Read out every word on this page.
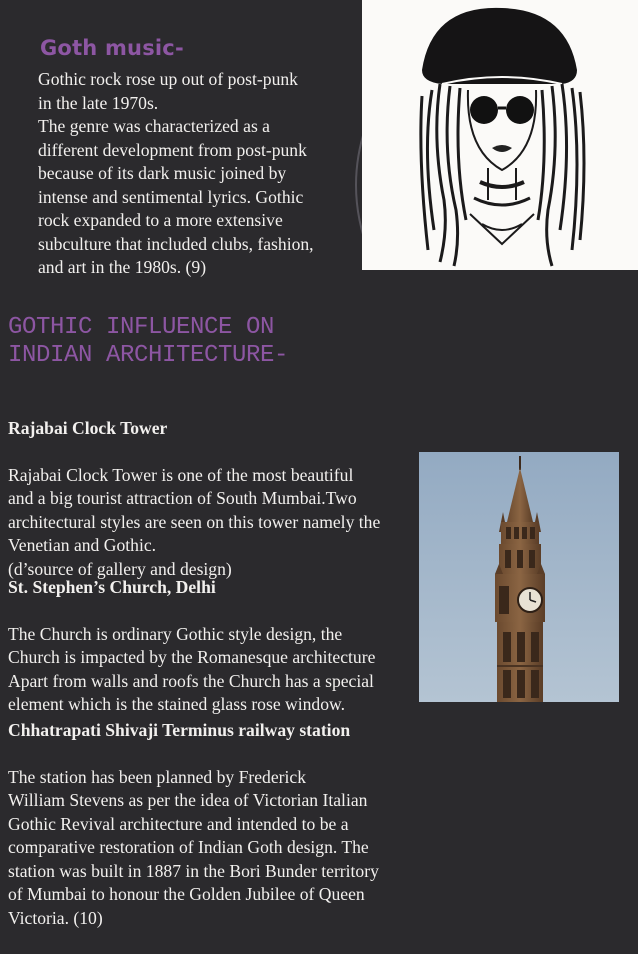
Goth music-
Gothic rock rose up out of post-punk
in the late 1970s.
The genre was characterized as a
different development from post-punk
because of its dark music joined by
intense and sentimental lyrics. Gothic
rock expanded to a more extensive
subculture that included clubs, fashion,
and art in the 1980s. (9)
GOTHIC INFLUENCE ON
INDIAN ARCHITECTURE-

Rajabai Clock Tower

Rajabai Clock Tower is one of the most beautiful
and a big tourist attraction of South Mumbai.Two
architectural styles are seen on this tower namely the
Venetian and Gothic.
(d’source of gallery and design)

St. Stephen’s Church, Delhi

The Church is ordinary Gothic style design, the
Church is impacted by the Romanesque architecture
Apart from walls and roofs the Church has a special
element which is the stained glass rose window.

Chhatrapati Shivaji Terminus railway station

The station has been planned by Frederick
William Stevens as per the idea of Victorian Italian
Gothic Revival architecture and intended to be a
comparative restoration of Indian Goth design. The
station was built in 1887 in the Bori Bunder territory
of Mumbai to honour the Golden Jubilee of Queen
Victoria. (10)
